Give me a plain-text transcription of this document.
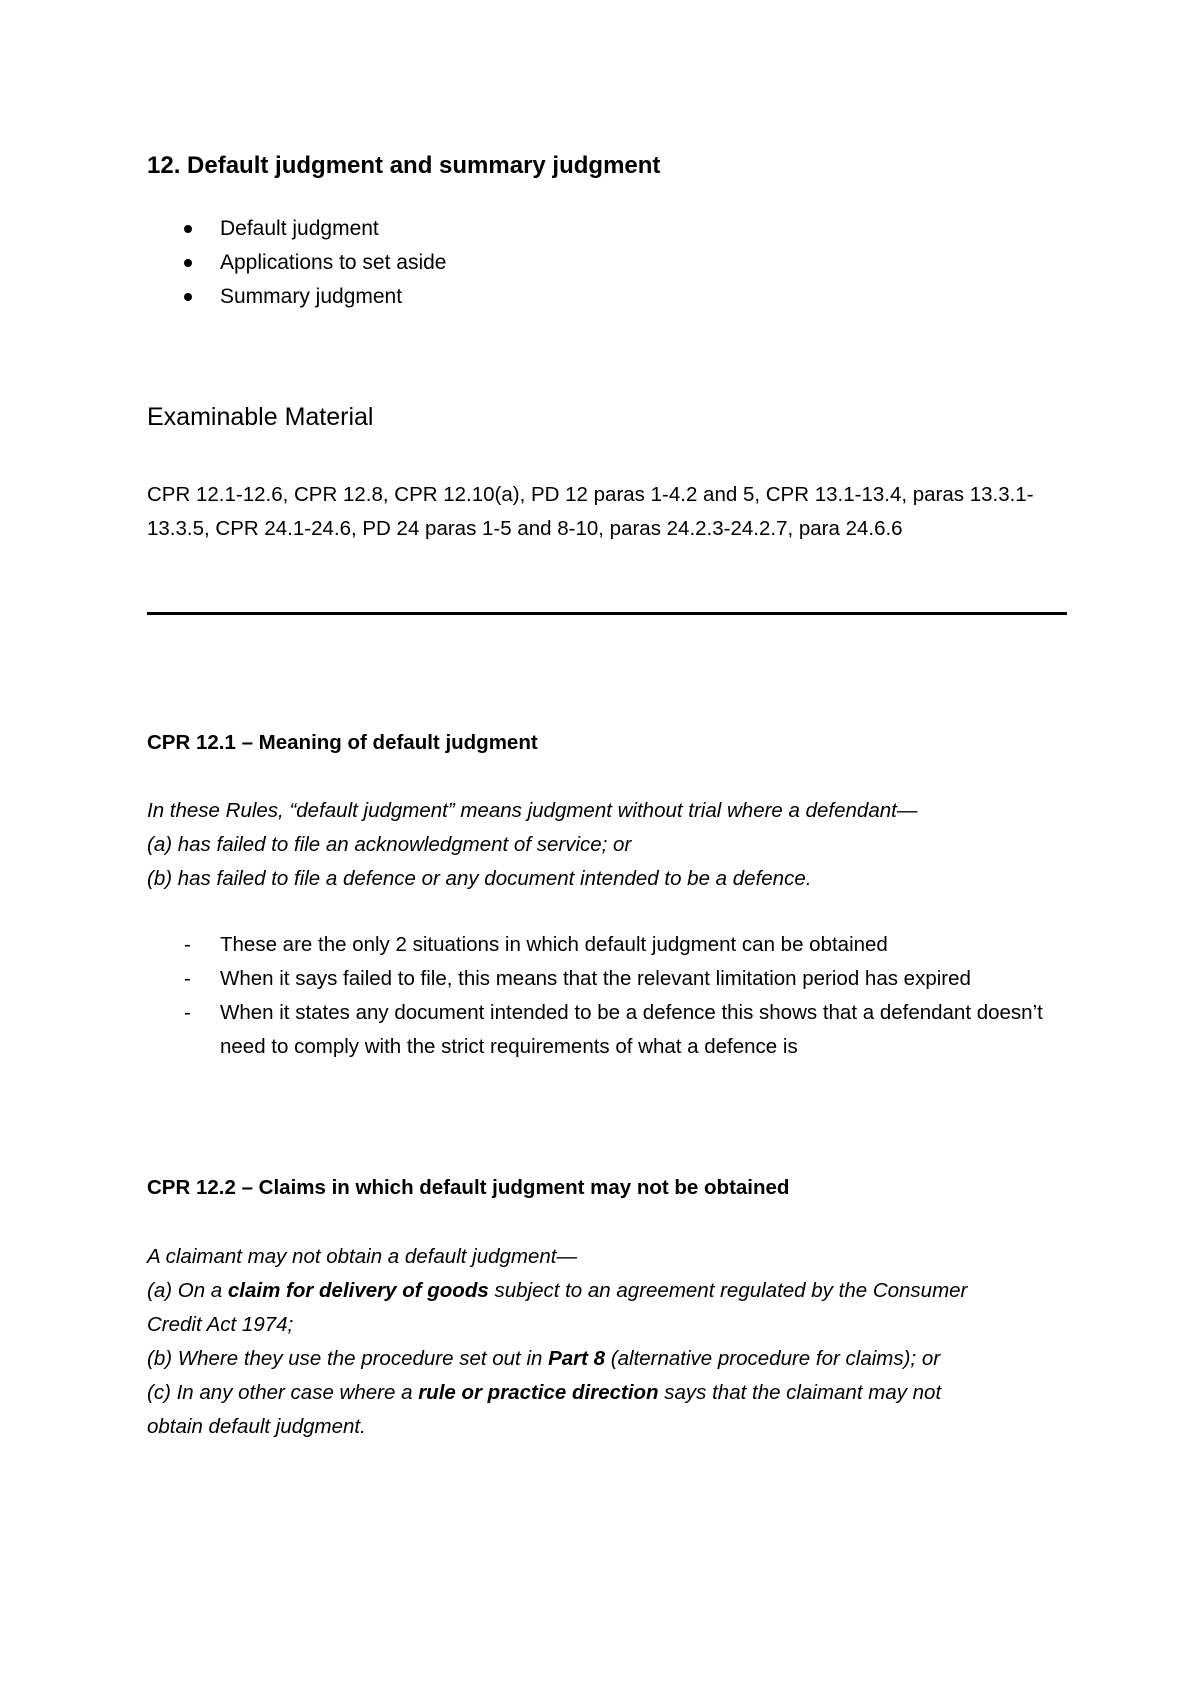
12. Default judgment and summary judgment
Default judgment
Applications to set aside
Summary judgment
Examinable Material
CPR 12.1-12.6, CPR 12.8, CPR 12.10(a), PD 12 paras 1-4.2 and 5, CPR 13.1-13.4, paras 13.3.1-
13.3.5, CPR 24.1-24.6, PD 24 paras 1-5 and 8-10, paras 24.2.3-24.2.7, para 24.6.6
CPR 12.1 – Meaning of default judgment
In these Rules, “default judgment” means judgment without trial where a defendant—
(a) has failed to file an acknowledgment of service; or
(b) has failed to file a defence or any document intended to be a defence.
- These are the only 2 situations in which default judgment can be obtained
- When it says failed to file, this means that the relevant limitation period has expired
- When it states any document intended to be a defence this shows that a defendant doesn’t need to comply with the strict requirements of what a defence is
CPR 12.2 – Claims in which default judgment may not be obtained
A claimant may not obtain a default judgment—
(a) On a claim for delivery of goods subject to an agreement regulated by the Consumer
Credit Act 1974;
(b) Where they use the procedure set out in Part 8 (alternative procedure for claims); or
(c) In any other case where a rule or practice direction says that the claimant may not
obtain default judgment.
